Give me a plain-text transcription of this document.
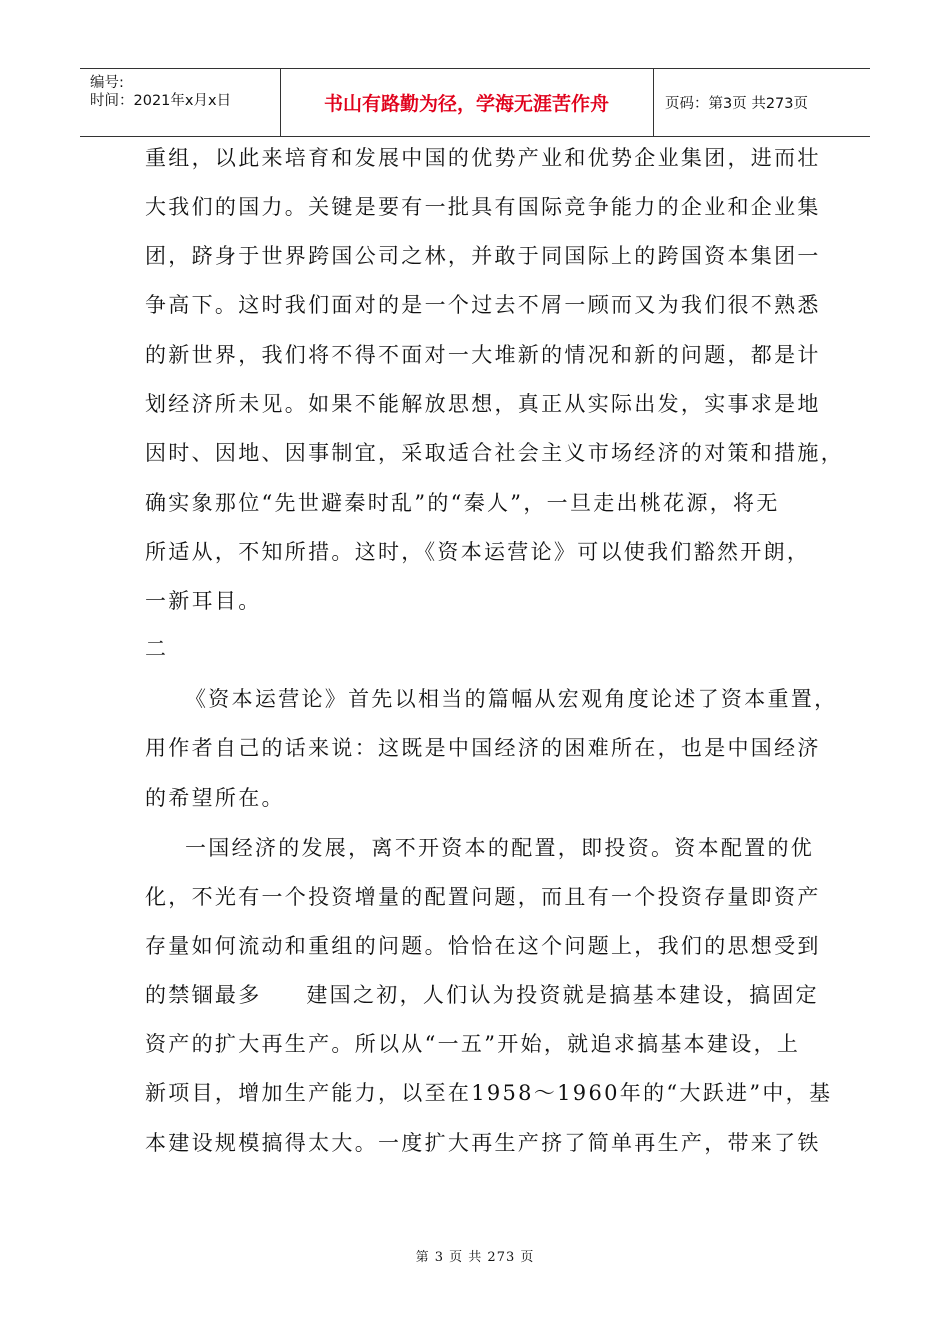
编号:
时间：2021年x月x日	书山有路勤为径，学海无涯苦作舟	页码：第3页 共273页
重组，以此来培育和发展中国的优势产业和优势企业集团，进而壮
大我们的国力。关键是要有一批具有国际竞争能力的企业和企业集
团，跻身于世界跨国公司之林，并敢于同国际上的跨国资本集团一
争高下。这时我们面对的是一个过去不屑一顾而又为我们很不熟悉
的新世界，我们将不得不面对一大堆新的情况和新的问题，都是计
划经济所未见。如果不能解放思想，真正从实际出发，实事求是地
因时、因地、因事制宜，采取适合社会主义市场经济的对策和措施，
确实象那位“先世避秦时乱”的“秦人”，一旦走出桃花源，将无
所适从，不知所措。这时，《资本运营论》可以使我们豁然开朗，
一新耳目。
二
《资本运营论》首先以相当的篇幅从宏观角度论述了资本重置，
用作者自己的话来说：这既是中国经济的困难所在，也是中国经济
的希望所在。
一国经济的发展，离不开资本的配置，即投资。资本配置的优
化，不光有一个投资增量的配置问题，而且有一个投资存量即资产
存量如何流动和重组的问题。恰恰在这个问题上，我们的思想受到
的禁锢最多     建国之初，人们认为投资就是搞基本建设，搞固定
资产的扩大再生产。所以从“一五”开始，就追求搞基本建设，上
新项目，增加生产能力，以至在1958～1960年的“大跃进”中，基
本建设规模搞得太大。一度扩大再生产挤了简单再生产，带来了铁
第 3 页 共 273 页
